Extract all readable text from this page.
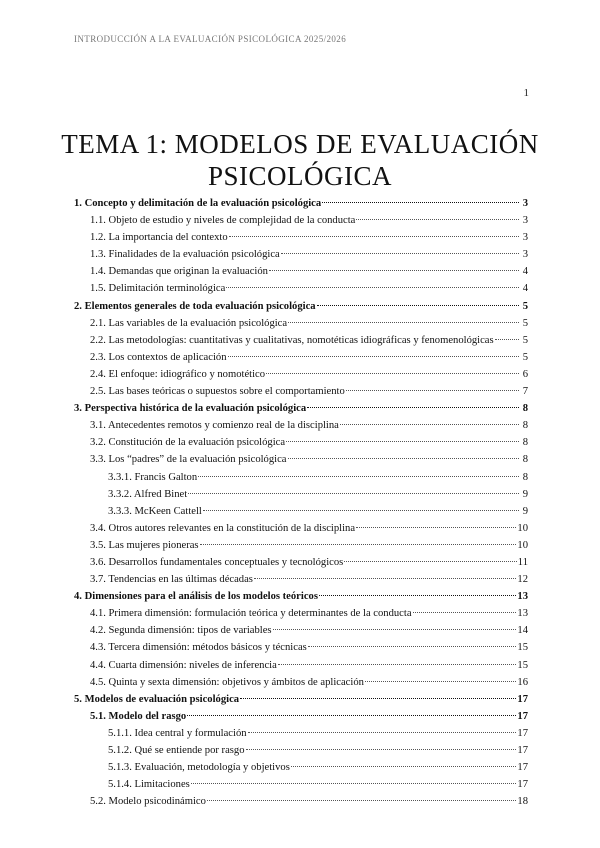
INTRODUCCIÓN A LA EVALUACIÓN PSICOLÓGICA 2025/2026
1
TEMA 1: MODELOS DE EVALUACIÓN
PSICOLÓGICA
1. Concepto y delimitación de la evaluación psicológica	3
1.1. Objeto de estudio y niveles de complejidad de la conducta	3
1.2. La importancia del contexto	3
1.3. Finalidades de la evaluación psicológica	3
1.4. Demandas que originan la evaluación	4
1.5. Delimitación terminológica	4
2. Elementos generales de toda evaluación psicológica	5
2.1. Las variables de la evaluación psicológica	5
2.2. Las metodologías: cuantitativas y cualitativas, nomotéticas idiográficas y fenomenológicas	5
2.3. Los contextos de aplicación	5
2.4. El enfoque: idiográfico y nomotético	6
2.5. Las bases teóricas o supuestos sobre el comportamiento	7
3. Perspectiva histórica de la evaluación psicológica	8
3.1. Antecedentes remotos y comienzo real de la disciplina	8
3.2. Constitución de la evaluación psicológica	8
3.3. Los “padres” de la evaluación psicológica	8
3.3.1. Francis Galton	8
3.3.2. Alfred Binet	9
3.3.3. McKeen Cattell	9
3.4. Otros autores relevantes en la constitución de la disciplina	10
3.5. Las mujeres pioneras	10
3.6. Desarrollos fundamentales conceptuales y tecnológicos	11
3.7. Tendencias en las últimas décadas	12
4. Dimensiones para el análisis de los modelos teóricos	13
4.1. Primera dimensión: formulación teórica y determinantes de la conducta	13
4.2. Segunda dimensión: tipos de variables	14
4.3. Tercera dimensión: métodos básicos y técnicas	15
4.4. Cuarta dimensión: niveles de inferencia	15
4.5. Quinta y sexta dimensión: objetivos y ámbitos de aplicación	16
5. Modelos de evaluación psicológica	17
5.1. Modelo del rasgo	17
5.1.1. Idea central y formulación	17
5.1.2. Qué se entiende por rasgo	17
5.1.3. Evaluación, metodología y objetivos	17
5.1.4. Limitaciones	17
5.2. Modelo psicodinámico	18
